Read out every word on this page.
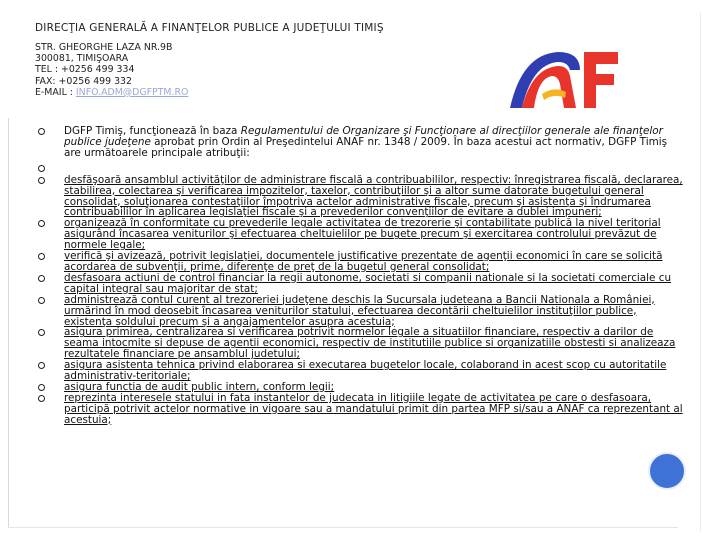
DIRECŢIA GENERALĂ A FINANŢELOR PUBLICE A JUDEŢULUI TIMIŞ
STR. GHEORGHE LAZA NR.9B
300081, TIMIŞOARA
TEL : +0256 499 334
FAX: +0256 499 332
E-MAIL : INFO.ADM@DGFPTM.RO
DGFP Timiş, funcţionează în baza Regulamentului de Organizare şi Funcţionare al direcţiilor generale ale finanţelor publice judeţene aprobat prin Ordin al Preşedintelui ANAF nr. 1348 / 2009. În baza acestui act normativ, DGFP Timiş are următoarele principale atribuţii:
desfăşoară ansamblul activităţilor de administrare fiscală a contribuabililor, respectiv: înregistrarea fiscală, declararea, stabilirea, colectarea şi verificarea impozitelor, taxelor, contribuţiilor şi a altor sume datorate bugetului general consolidat, soluţionarea contestaţiilor împotriva actelor administrative fiscale, precum şi asistenţa şi îndrumarea contribuabililor în aplicarea legislaţiei fiscale şi a prevederilor convenţiilor de evitare a dublei impuneri;
organizează în conformitate cu prevederile legale activitatea de trezorerie şi contabilitate publică la nivel teritorial asigurând încasarea veniturilor şi efectuarea cheltuielilor pe bugete precum şi exercitarea controlului prevăzut de normele legale;
verifică şi avizează, potrivit legislaţiei, documentele justificative prezentate de agenţii economici în care se solicită acordarea de subvenţii, prime, diferenţe de preţ de la bugetul general consolidat;
desfasoara actiuni de control financiar la regii autonome, societati si companii nationale si la societati comerciale cu capital integral sau majoritar de stat;
administrează contul curent al trezoreriei judeţene deschis la Sucursala judeteana a Bancii Nationala a României, urmărind în mod deosebit încasarea veniturilor statului, efectuarea decontării cheltuielilor instituţiilor publice, existenţa soldului precum şi a angajamentelor asupra acestuia;
asigura primirea, centralizarea si verificarea potrivit normelor legale a situatiilor financiare, respectiv a darilor de seama intocmite si depuse de agentii economici, respectiv de institutiile publice si organizatiile obstesti si analizeaza rezultatele financiare pe ansamblul judetului;
asigura asistenta tehnica privind elaborarea si executarea bugetelor locale, colaborand in acest scop cu autoritatile administrativ-teritoriale;
asigura functia de audit public intern, conform legii;
reprezinta interesele statului in fata instantelor de judecata in litigiile legate de activitatea pe care o desfasoara, participă potrivit actelor normative in vigoare sau a mandatului primit din partea MFP si/sau a ANAF ca reprezentant al acestuia;
